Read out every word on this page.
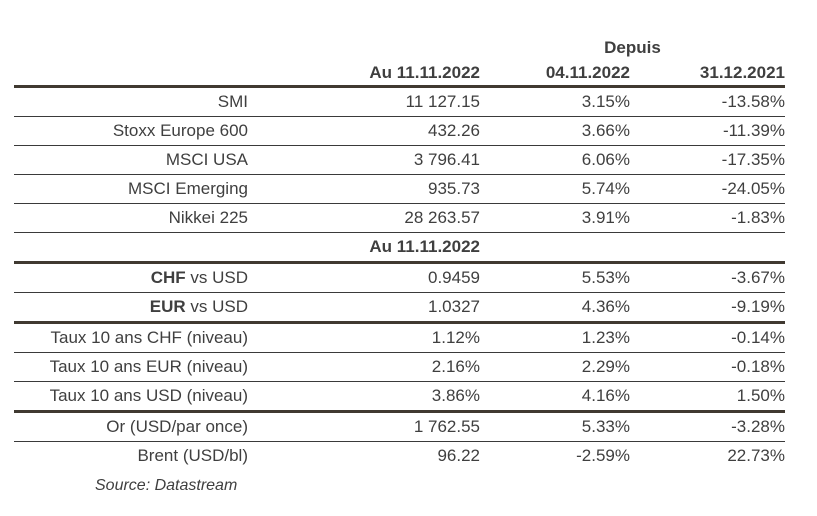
		Depuis	
	Au 11.11.2022	04.11.2022	31.12.2021
SMI	11 127.15	3.15%	-13.58%
Stoxx Europe 600	432.26	3.66%	-11.39%
MSCI USA	3 796.41	6.06%	-17.35%
MSCI Emerging	935.73	5.74%	-24.05%
Nikkei 225	28 263.57	3.91%	-1.83%
	Au 11.11.2022		
CHF vs USD	0.9459	5.53%	-3.67%
EUR vs USD	1.0327	4.36%	-9.19%
Taux 10 ans CHF (niveau)	1.12%	1.23%	-0.14%
Taux 10 ans EUR (niveau)	2.16%	2.29%	-0.18%
Taux 10 ans USD (niveau)	3.86%	4.16%	1.50%
Or (USD/par once)	1 762.55	5.33%	-3.28%
Brent (USD/bl)	96.22	-2.59%	22.73%
Source: Datastream
